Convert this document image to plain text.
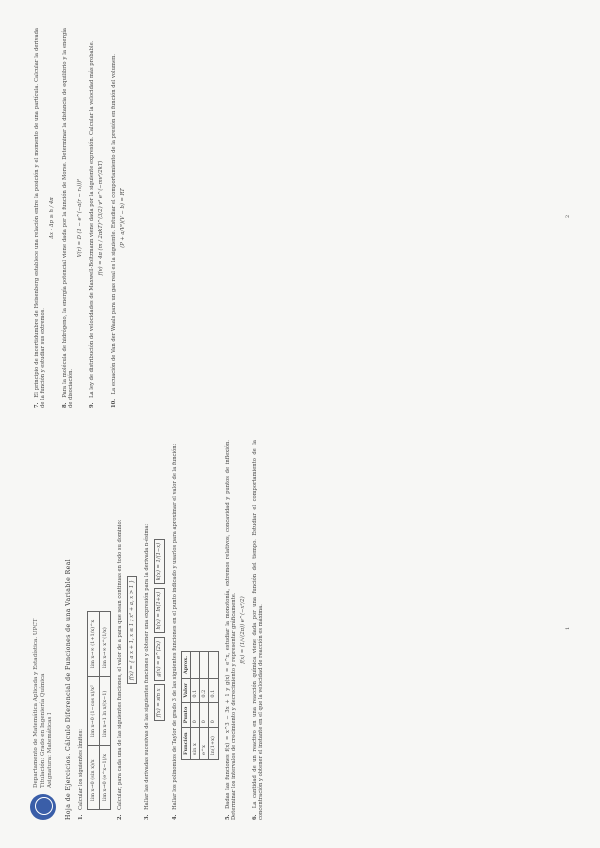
Departamento de Matemática Aplicada y Estadística. UPCT Titulación: Grado en Ingeniería Química Asignatura: Matemáticas I Hoja de Ejercicios. Cálculo Diferencial de Funciones de una Variable Real 1. Calcular los siguientes límites: lim x→0 (sin x)/x	lim x→0 (1−cos x)/x²	lim x→∞ (1+1/x)^x
lim x→0 (e^x−1)/x	lim x→1 ln x/(x−1)	lim x→∞ x^(1/x)
2. Calcular, para cada una de las siguientes funciones, el valor de a para que sean continuas en todo su dominio:	f(x) = { a x + 1, x ≤ 1 ; x² + a, x > 1 }
3. Hallar las derivadas sucesivas de las siguientes funciones y obtener una expresión para la derivada n-ésima:	f(x) = sin x g(x) = e^(2x) h(x) = ln(1+x) k(x) = 1/(1−x)
4. Hallar los polinomios de Taylor de grado 3 de las siguientes funciones en el punto indicado y usarlos para aproximar el valor de la función: Función	Punto	Valor	Aprox.
sin x	0	0.1	
e^x	0	0.2	
ln(1+x)	0	0.1	
5. Dadas las funciones f(x) = x^3 − 3x + 1 y g(x) = e^x, estudiar la monotonía, extremos relativos, concavidad y puntos de inflexión. Determinar los intervalos de crecimiento y decrecimiento y representar gráficamente. f(x) = (1/√(2π)) e^(−x²/2)
6. La cantidad de un reactivo en una reacción química viene dada por una función del tiempo. Estudiar el comportamiento de la concentración y obtener el instante en el que la velocidad de reacción es máxima.	1
7. El principio de incertidumbre de Heisenberg establece una relación entre la posición y el momento de una partícula. Calcular la derivada de la función y estudiar sus extremos.
Δx · Δp ≥ h / 4π
8. Para la molécula de hidrógeno, la energía potencial viene dada por la función de Morse. Determinar la distancia de equilibrio y la energía de disociación.
V(r) = D (1 − e^(−a(r − r₀)))²
9. La ley de distribución de velocidades de Maxwell-Boltzmann viene dada por la siguiente expresión. Calcular la velocidad más probable. f(v) = 4π (m / 2πkT)^(3/2) v² e^(−mv²/2kT)
10. La ecuación de Van der Waals para un gas real es la siguiente. Estudiar el comportamiento de la presión en función del volumen. (P + a/V²)(V − b) = RT	2
